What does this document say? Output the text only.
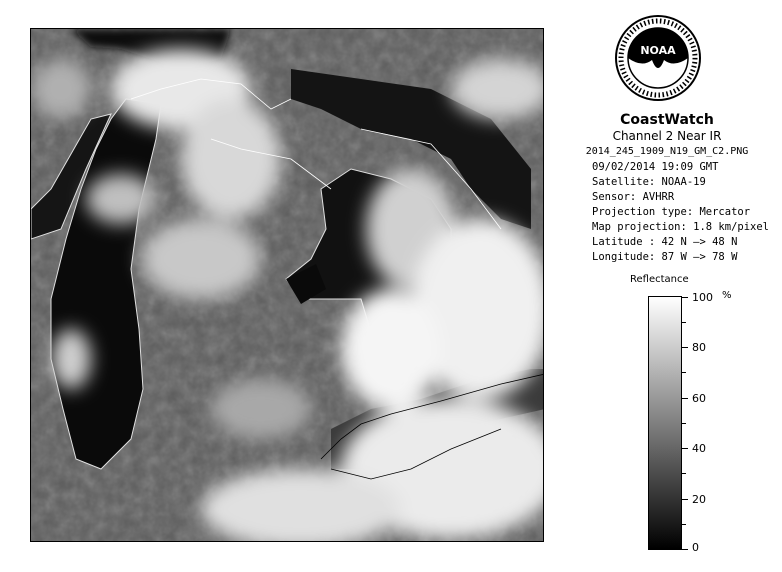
NOAA
CoastWatch
Channel 2 Near IR
2014_245_1909_N19_GM_C2.PNG
09/02/2014 19:09 GMT
Satellite: NOAA-19
Sensor: AVHRR
Projection type: Mercator
Map projection: 1.8 km/pixel
Latitude : 42 N –> 48 N
Longitude: 87 W –> 78 W
Reflectance
%
100
80
60
40
20
0
